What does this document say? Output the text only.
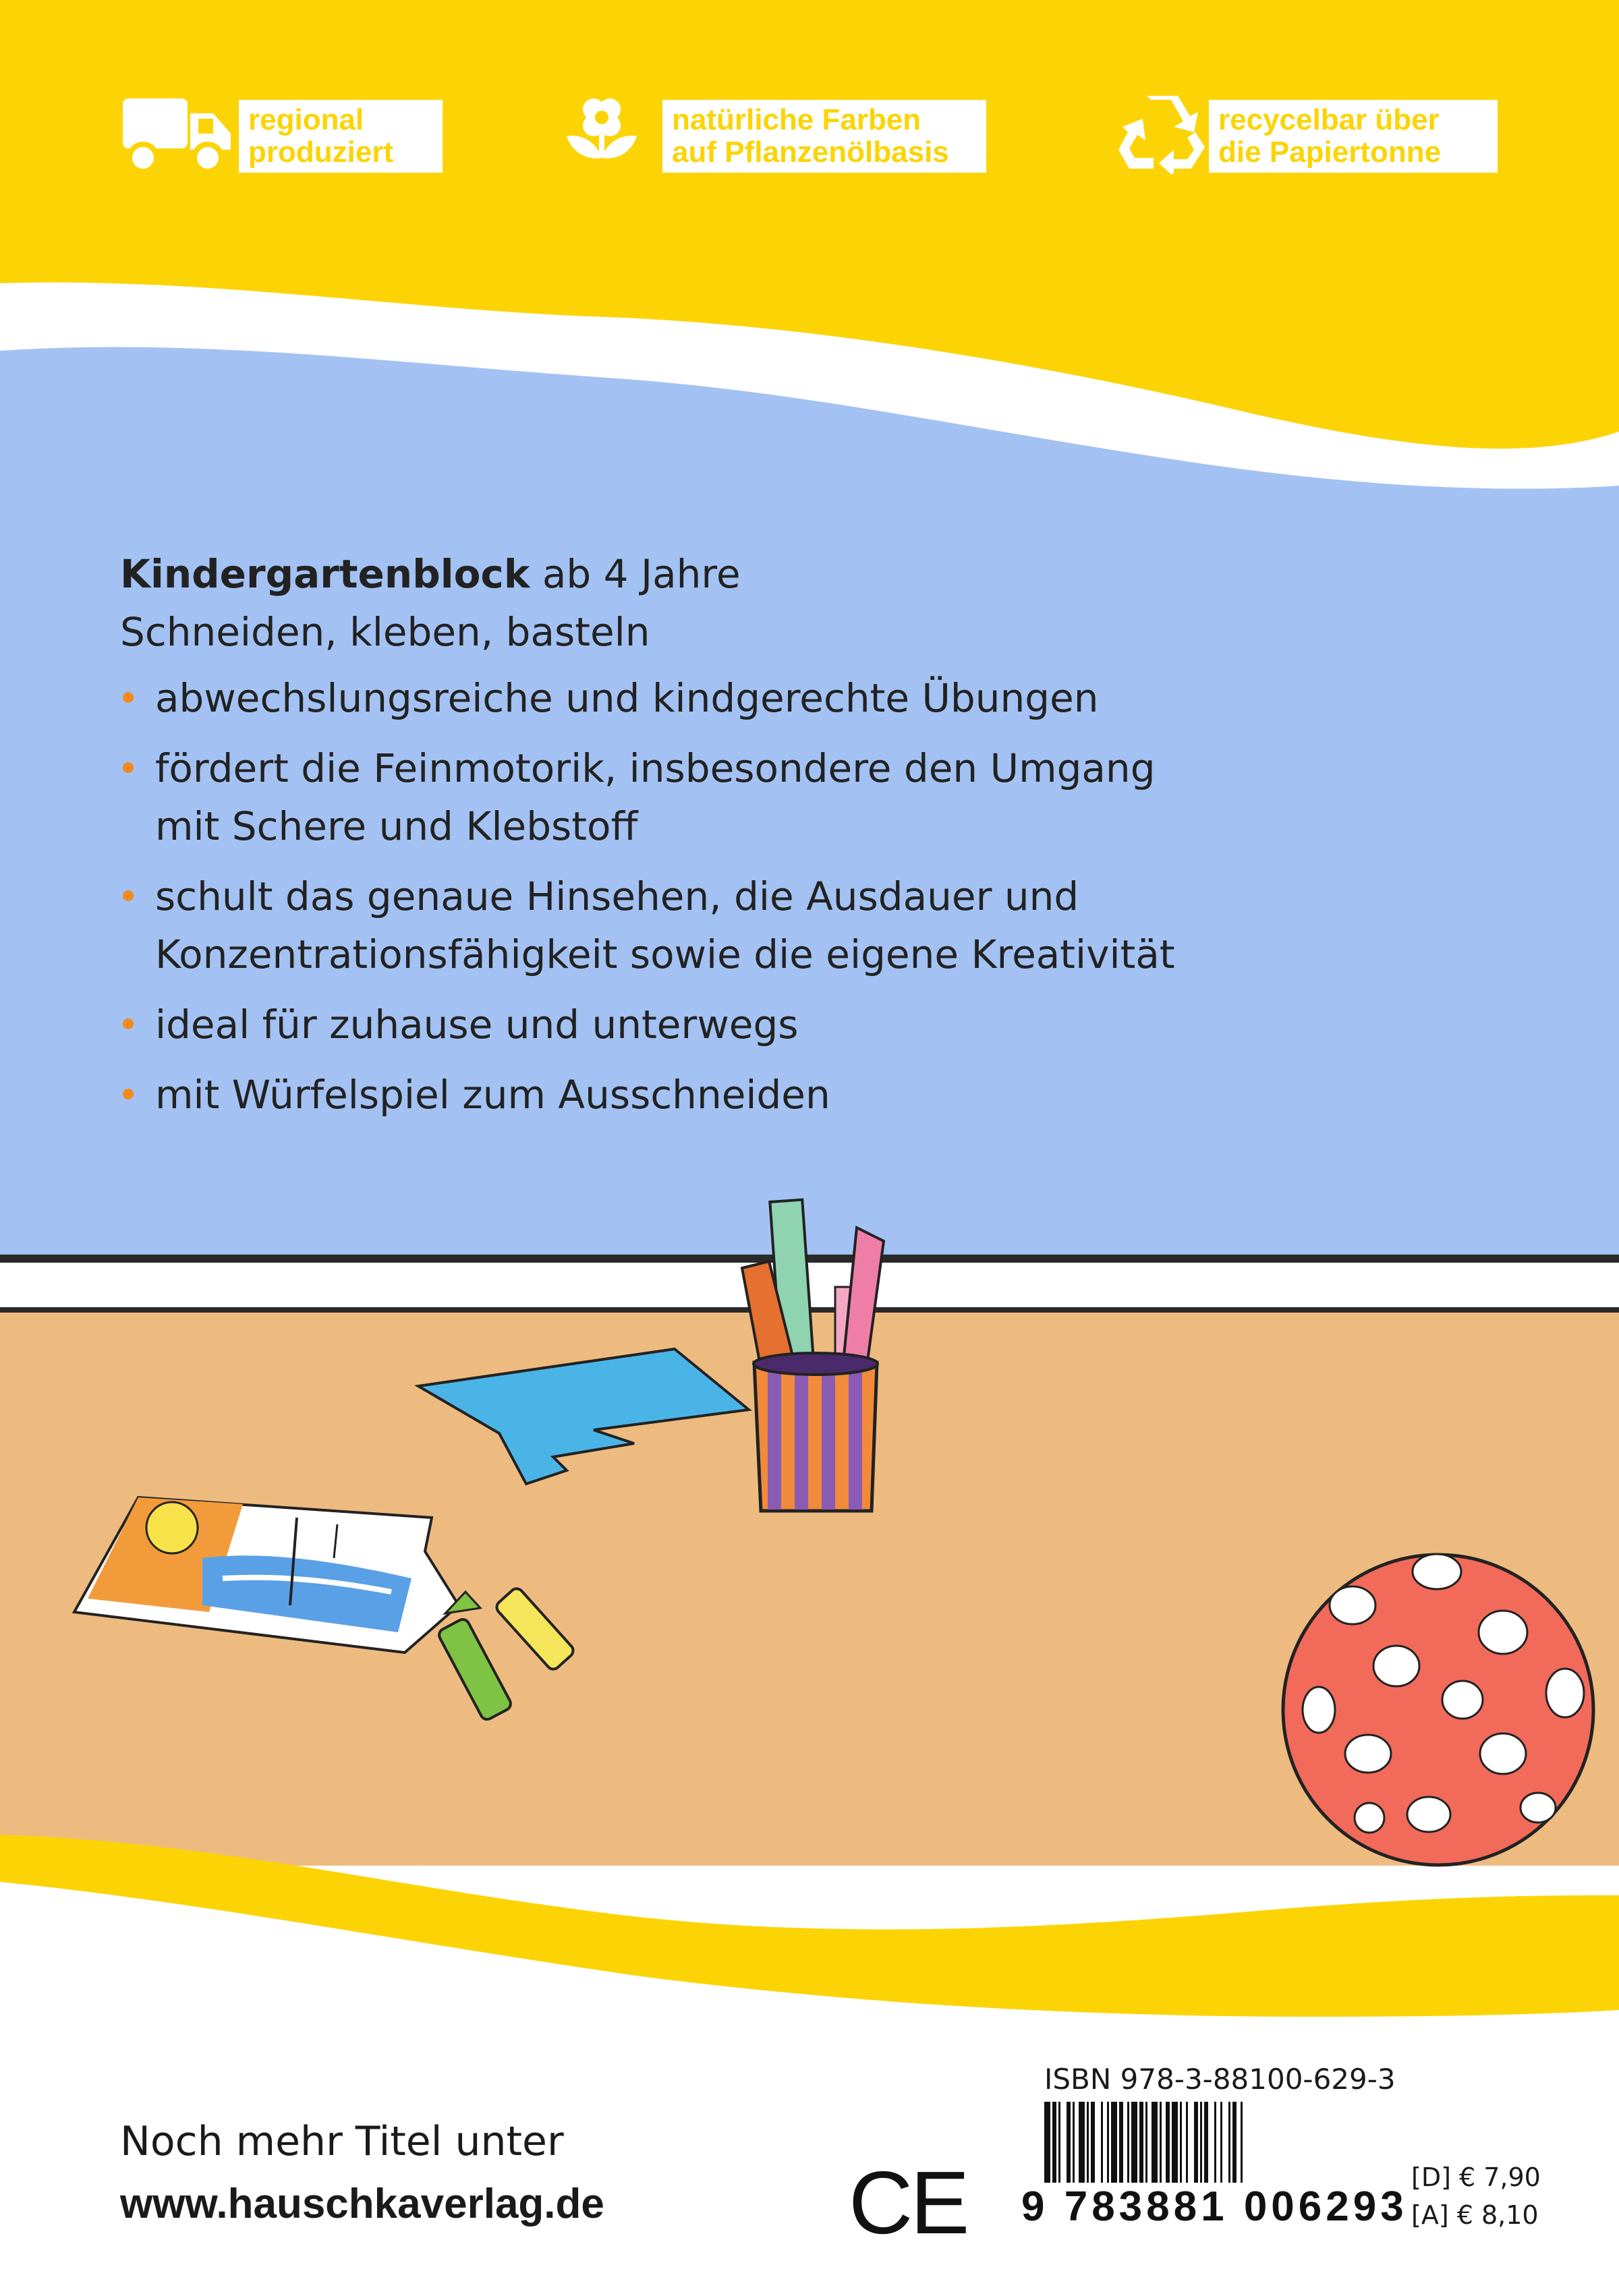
regional
produziert
natürliche Farben
auf Pflanzenölbasis
recycelbar über
die Papiertonne
Kindergartenblock ab 4 Jahre
Schneiden, kleben, basteln
abwechslungsreiche und kindgerechte Übungen
fördert die Feinmotorik, insbesondere den Umgang mit Schere und Klebstoff
schult das genaue Hinsehen, die Ausdauer und Konzentrationsfähigkeit sowie die eigene Kreativität
ideal für zuhause und unterwegs
mit Würfelspiel zum Ausschneiden
Noch mehr Titel unter
www.hauschkaverlag.de	CE
ISBN 978-3-88100-629-3
9 783881 006293
[D] € 7,90
[A] € 8,10
